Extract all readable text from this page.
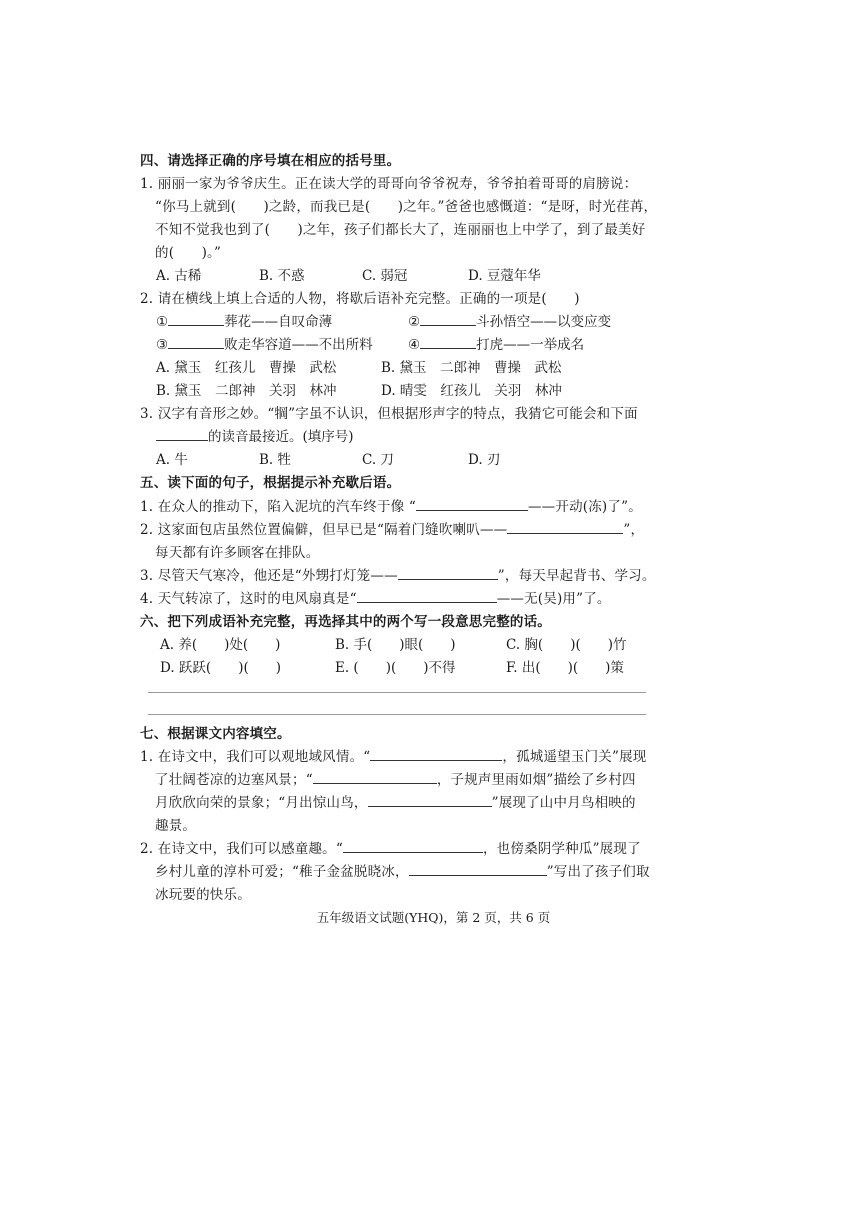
四、请选择正确的序号填在相应的括号里。
1. 丽丽一家为爷爷庆生。正在读大学的哥哥向爷爷祝寿，爷爷拍着哥哥的肩膀说：
“你马上就到(　　)之龄，而我已是(　　)之年。”爸爸也感慨道：“是呀，时光荏苒，
不知不觉我也到了(　　)之年，孩子们都长大了，连丽丽也上中学了，到了最美好
的(　　)。”
A. 古稀	B. 不惑	C. 弱冠	D. 豆蔻年华
2. 请在横线上填上合适的人物，将歇后语补充完整。正确的一项是(　　)
①	葬花——自叹命薄	②	斗孙悟空——以变应变
③	败走华容道——不出所料	④	打虎——一举成名
A. 黛玉　红孩儿　曹操　武松	B. 黛玉　二郎神　曹操　武松
B. 黛玉　二郎神　关羽　林冲	D. 晴雯　红孩儿　关羽　林冲
3. 汉字有音形之妙。“犅”字虽不认识，但根据形声字的特点，我猜它可能会和下面
的读音最接近。(填序号)
A. 牛	B. 牲	C. 刀	D. 刃
五、读下面的句子，根据提示补充歇后语。
1. 在众人的推动下，陷入泥坑的汽车终于像 “	——开动(冻)了”。
2. 这家面包店虽然位置偏僻，但早已是“隔着门缝吹喇叭——	”，
每天都有许多顾客在排队。
3. 尽管天气寒冷，他还是“外甥打灯笼——	”，每天早起背书、学习。
4. 天气转凉了，这时的电风扇真是“	——无(吴)用”了。
六、把下列成语补充完整，再选择其中的两个写一段意思完整的话。
A. 养(　　)处(　　)	B. 手(　　)眼(　　)	C. 胸(　　)(　　)竹
D. 跃跃(　　)(　　)	E. (　　)(　　)不得	F. 出(　　)(　　)策
七、根据课文内容填空。
1. 在诗文中，我们可以观地域风情。“	，孤城遥望玉门关”展现
了壮阔苍凉的边塞风景；“	，子规声里雨如烟”描绘了乡村四
月欣欣向荣的景象；“月出惊山鸟，	”展现了山中月鸟相映的
趣景。
2. 在诗文中，我们可以感童趣。“	，也傍桑阴学种瓜”展现了
乡村儿童的淳朴可爱；“稚子金盆脱晓冰，	”写出了孩子们取
冰玩要的快乐。
五年级语文试题(YHQ)，第 2 页，共 6 页
